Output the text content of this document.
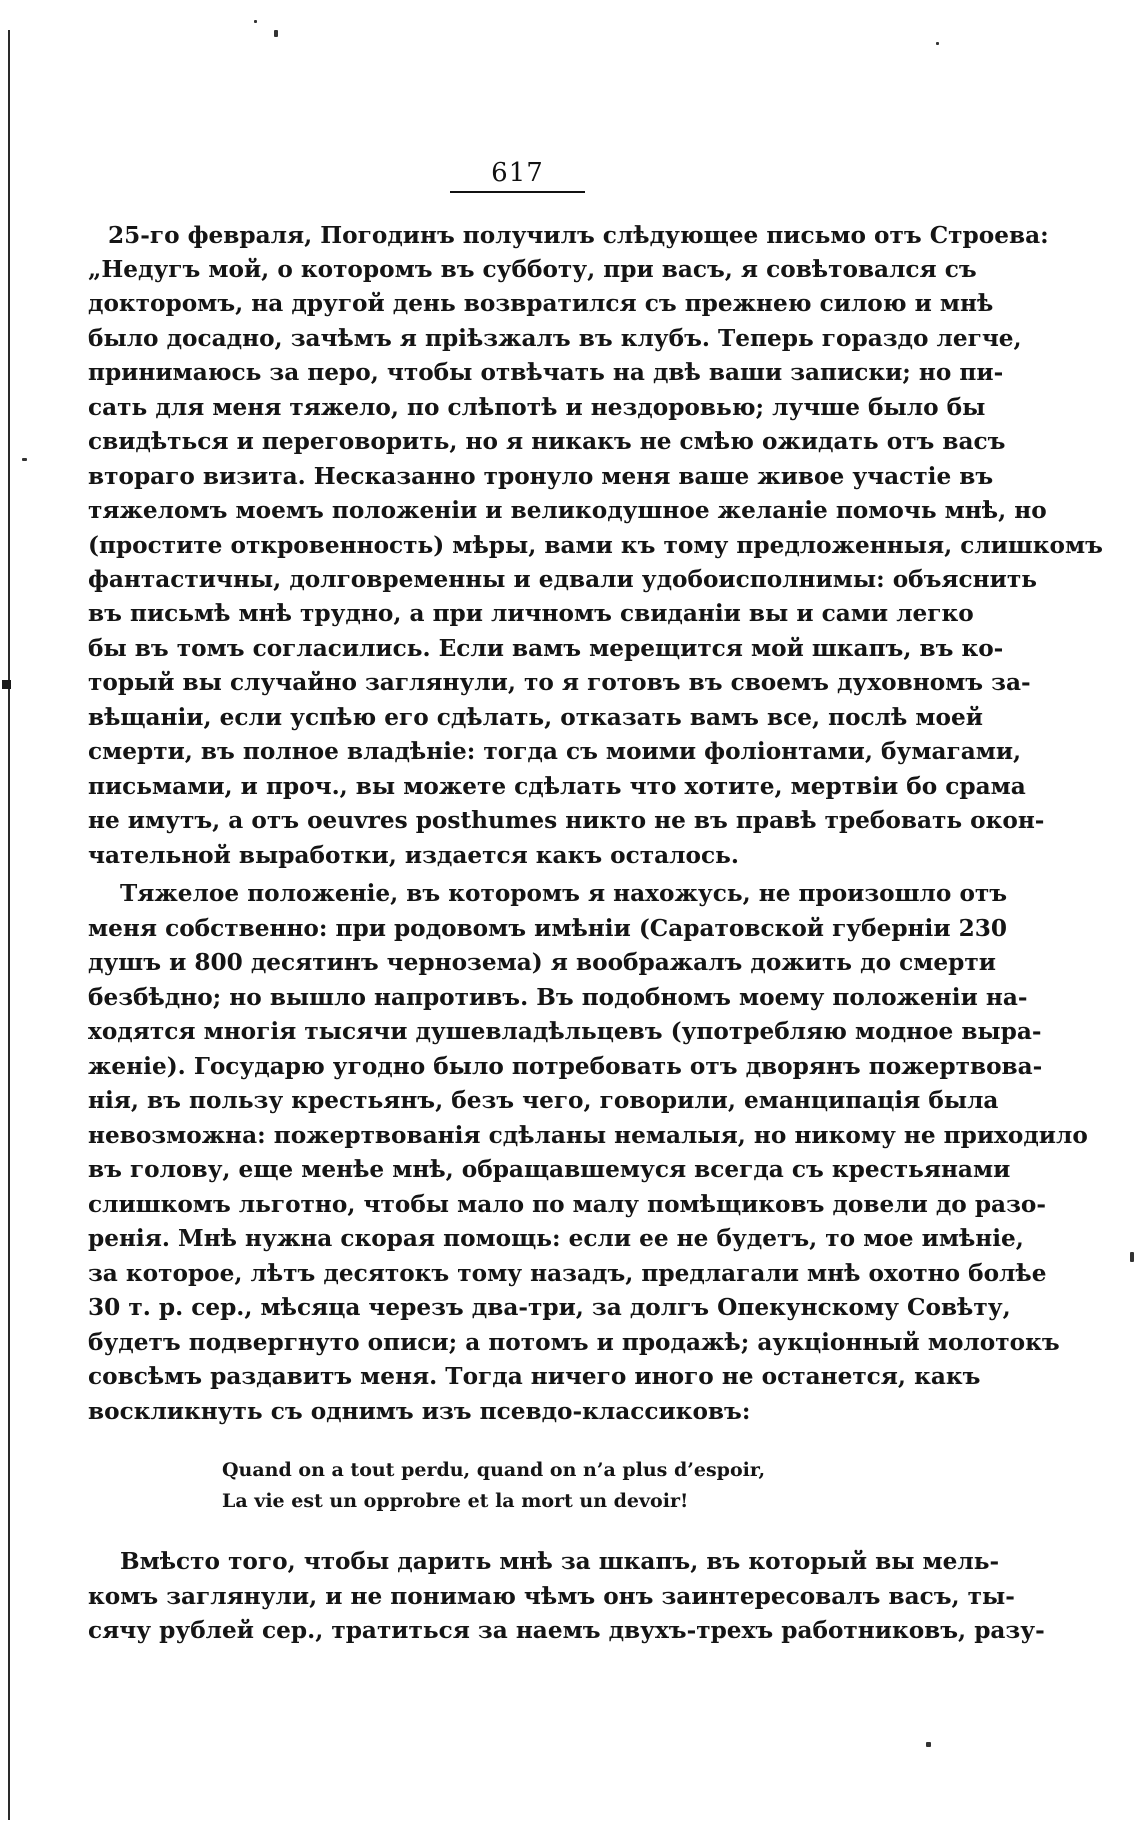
617
25-го февраля, Погодинъ получилъ слѣдующее письмо отъ Строева:
„Недугъ мой, о которомъ въ субботу, при васъ, я совѣтовался съ
докторомъ, на другой день возвратился съ прежнею силою и мнѣ
было досадно, зачѣмъ я пріѣзжалъ въ клубъ. Теперь гораздо легче,
принимаюсь за перо, чтобы отвѣчать на двѣ ваши записки; но пи-
сать для меня тяжело, по слѣпотѣ и нездоровью; лучше было бы
свидѣться и переговорить, но я никакъ не смѣю ожидать отъ васъ
втораго визита. Несказанно тронуло меня ваше живое участіе въ
тяжеломъ моемъ положеніи и великодушное желаніе помочь мнѣ, но
(простите откровенность) мѣры, вами къ тому предложенныя, слишкомъ
фантастичны, долговременны и едвали удобоисполнимы: объяснить
въ письмѣ мнѣ трудно, а при личномъ свиданіи вы и сами легко
бы въ томъ согласились. Если вамъ мерещится мой шкапъ, въ ко-
торый вы случайно заглянули, то я готовъ въ своемъ духовномъ за-
вѣщаніи, если успѣю его сдѣлать, отказать вамъ все, послѣ моей
смерти, въ полное владѣніе: тогда съ моими фоліонтами, бумагами,
письмами, и проч., вы можете сдѣлать что хотите, мертвіи бо срама
не имутъ, а отъ oeuvres posthumes никто не въ правѣ требовать окон-
чательной выработки, издается какъ осталось.
Тяжелое положеніе, въ которомъ я нахожусь, не произошло отъ
меня собственно: при родовомъ имѣніи (Саратовской губерніи 230
душъ и 800 десятинъ чернозема) я воображалъ дожить до смерти
безбѣдно; но вышло напротивъ. Въ подобномъ моему положеніи на-
ходятся многія тысячи душевладѣльцевъ (употребляю модное выра-
женіе). Государю угодно было потребовать отъ дворянъ пожертвова-
нія, въ пользу крестьянъ, безъ чего, говорили, еманципація была
невозможна: пожертвованія сдѣланы немалыя, но никому не приходило
въ голову, еще менѣе мнѣ, обращавшемуся всегда съ крестьянами
слишкомъ льготно, чтобы мало по малу помѣщиковъ довели до разо-
ренія. Мнѣ нужна скорая помощь: если ее не будетъ, то мое имѣніе,
за которое, лѣтъ десятокъ тому назадъ, предлагали мнѣ охотно болѣе
30 т. р. сер., мѣсяца черезъ два-три, за долгъ Опекунскому Совѣту,
будетъ подвергнуто описи; а потомъ и продажѣ; аукціонный молотокъ
совсѣмъ раздавитъ меня. Тогда ничего иного не останется, какъ
воскликнуть съ однимъ изъ псевдо-классиковъ:
Quand on a tout perdu, quand on n’a plus d’espoir,
La vie est un opprobre et la mort un devoir!
Вмѣсто того, чтобы дарить мнѣ за шкапъ, въ который вы мель-
комъ заглянули, и не понимаю чѣмъ онъ заинтересовалъ васъ, ты-
сячу рублей сер., тратиться за наемъ двухъ-трехъ работниковъ, разу-
